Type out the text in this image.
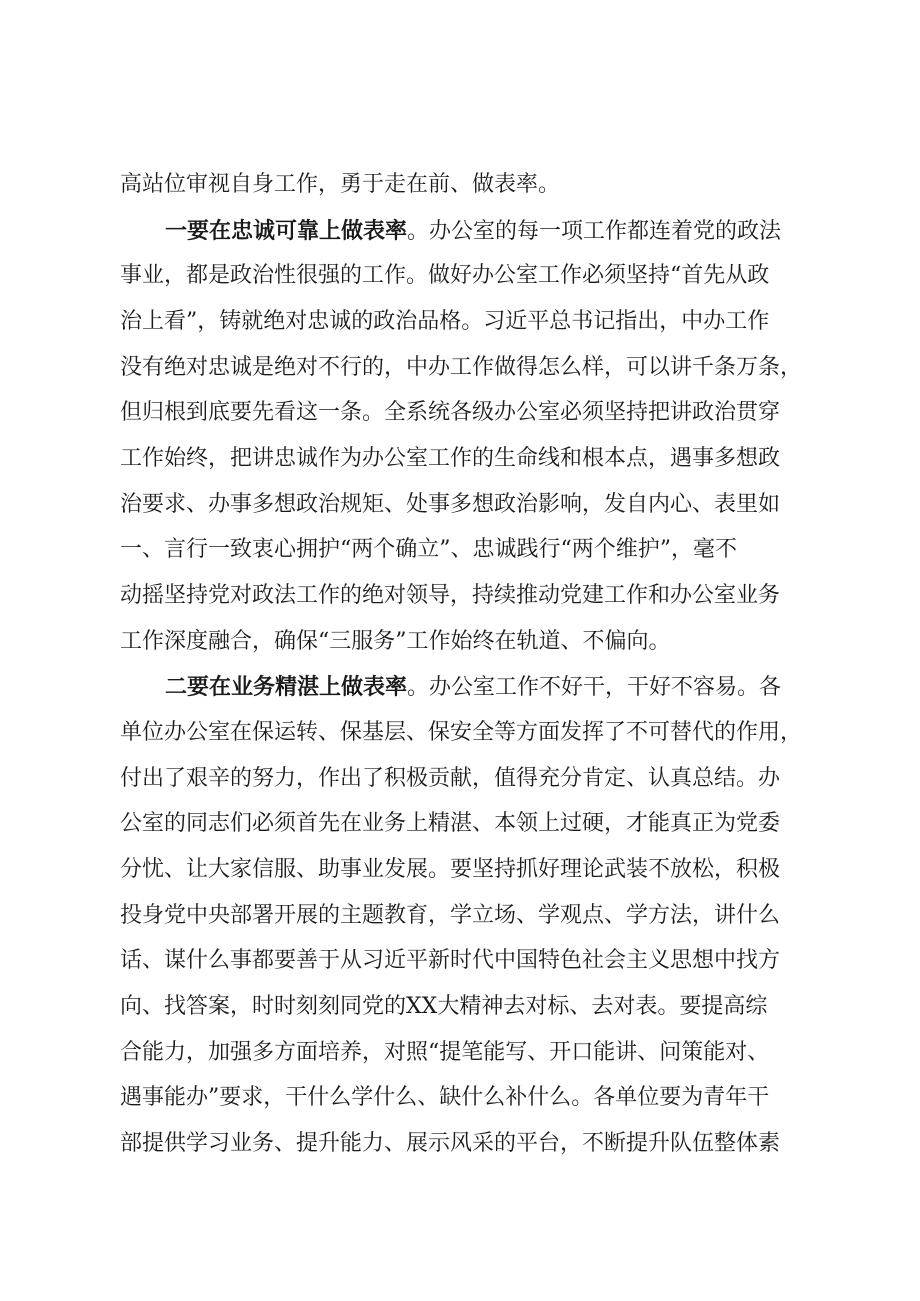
高站位审视自身工作，勇于走在前、做表率。
一要在忠诚可靠上做表率。办公室的每一项工作都连着党的政法
事业，都是政治性很强的工作。做好办公室工作必须坚持“首先从政
治上看”，铸就绝对忠诚的政治品格。习近平总书记指出，中办工作
没有绝对忠诚是绝对不行的，中办工作做得怎么样，可以讲千条万条，
但归根到底要先看这一条。全系统各级办公室必须坚持把讲政治贯穿
工作始终，把讲忠诚作为办公室工作的生命线和根本点，遇事多想政
治要求、办事多想政治规矩、处事多想政治影响，发自内心、表里如
一、言行一致衷心拥护“两个确立”、忠诚践行“两个维护”，毫不
动摇坚持党对政法工作的绝对领导，持续推动党建工作和办公室业务
工作深度融合，确保“三服务”工作始终在轨道、不偏向。
二要在业务精湛上做表率。办公室工作不好干，干好不容易。各
单位办公室在保运转、保基层、保安全等方面发挥了不可替代的作用，
付出了艰辛的努力，作出了积极贡献，值得充分肯定、认真总结。办
公室的同志们必须首先在业务上精湛、本领上过硬，才能真正为党委
分忧、让大家信服、助事业发展。要坚持抓好理论武装不放松，积极
投身党中央部署开展的主题教育，学立场、学观点、学方法，讲什么
话、谋什么事都要善于从习近平新时代中国特色社会主义思想中找方
向、找答案，时时刻刻同党的XX大精神去对标、去对表。要提高综
合能力，加强多方面培养，对照“提笔能写、开口能讲、问策能对、
遇事能办”要求，干什么学什么、缺什么补什么。各单位要为青年干
部提供学习业务、提升能力、展示风采的平台，不断提升队伍整体素
